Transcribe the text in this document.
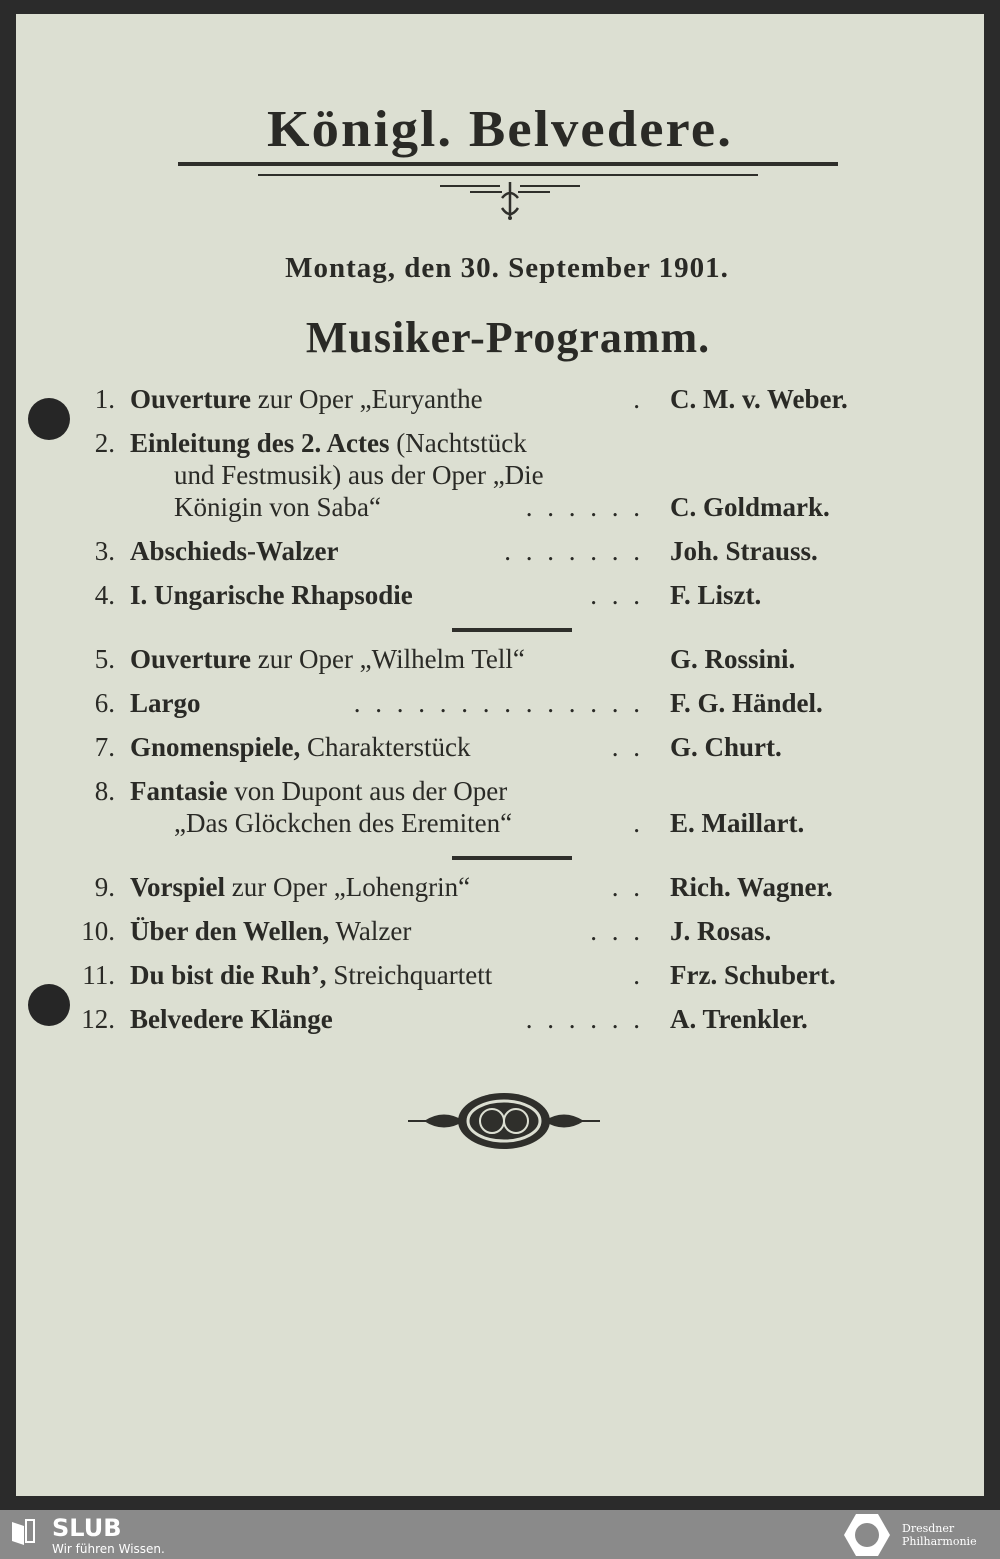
Königl. Belvedere.
Montag, den 30. September 1901.
Musiker-Programm.
1. Ouverture zur Oper „Euryanthe	. C. M. v. Weber.
2. Einleitung des 2. Actes (Nachtstück
und Festmusik) aus der Oper „Die
Königin von Saba“	. . . . . . C. Goldmark.
3. Abschieds-Walzer	. . . . . . . Joh. Strauss.
4. I. Ungarische Rhapsodie	. . . F. Liszt.
5. Ouverture zur Oper „Wilhelm Tell“	G. Rossini.
6. Largo	. . . . . . . . . . . . . . F. G. Händel.
7. Gnomenspiele, Charakterstück	. . G. Churt.
8. Fantasie von Dupont aus der Oper
„Das Glöckchen des Eremiten“	. E. Maillart.
9. Vorspiel zur Oper „Lohengrin“	. . Rich. Wagner.
10. Über den Wellen, Walzer	. . . J. Rosas.
11. Du bist die Ruh’, Streichquartett	. Frz. Schubert.
12. Belvedere Klänge	. . . . . . A. Trenkler.
SLUB
Wir führen Wissen.
Dresdner
Philharmonie
